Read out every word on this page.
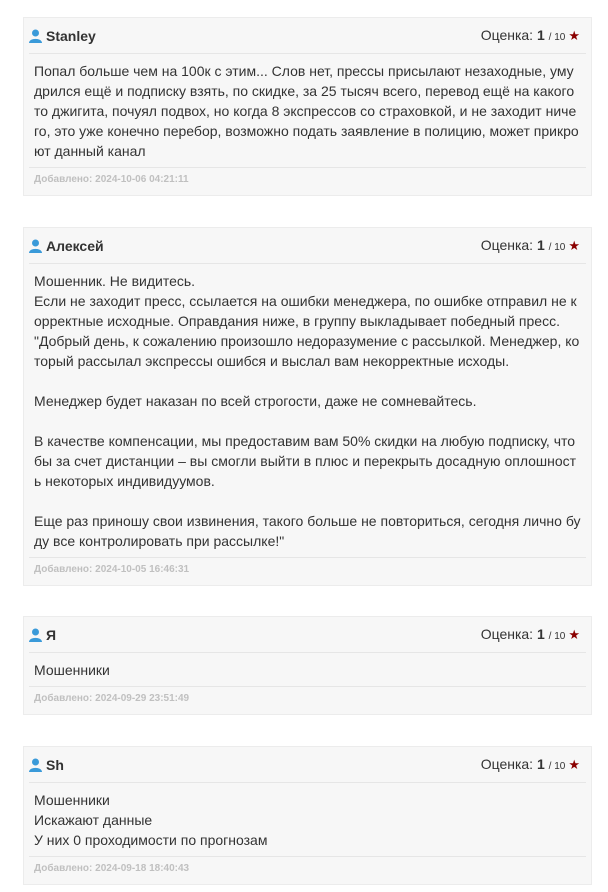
Stanley	Оценка: 1 / 10 ★
Попал больше чем на 100к с этим... Слов нет, прессы присылают незаходные, умудрился ещё и подписку взять, по скидке, за 25 тысяч всего, перевод ещё на какого то джигита, почуял подвох, но когда 8 экспрессов со страховкой, и не заходит ничего, это уже конечно перебор, возможно подать заявление в полицию, может прикроют данный канал
Добавлено: 2024-10-06 04:21:11
Алексей	Оценка: 1 / 10 ★
Мошенник. Не видитесь.
Если не заходит пресс, ссылается на ошибки менеджера, по ошибке отправил не корректные исходные. Оправдания ниже, в группу выкладывает победный пресс.
"Добрый день, к сожалению произошло недоразумение с рассылкой. Менеджер, который рассылал экспрессы ошибся и выслал вам некорректные исходы.

Менеджер будет наказан по всей строгости, даже не сомневайтесь.

В качестве компенсации, мы предоставим вам 50% скидки на любую подписку, чтобы за счет дистанции – вы смогли выйти в плюс и перекрыть досадную оплошность некоторых индивидуумов.

Еще раз приношу свои извинения, такого больше не повториться, сегодня лично буду все контролировать при рассылке!"
Добавлено: 2024-10-05 16:46:31
Я	Оценка: 1 / 10 ★
Мошенники
Добавлено: 2024-09-29 23:51:49
Sh	Оценка: 1 / 10 ★
Мошенники
Искажают данные
У них 0 проходимости по прогнозам
Добавлено: 2024-09-18 18:40:43
